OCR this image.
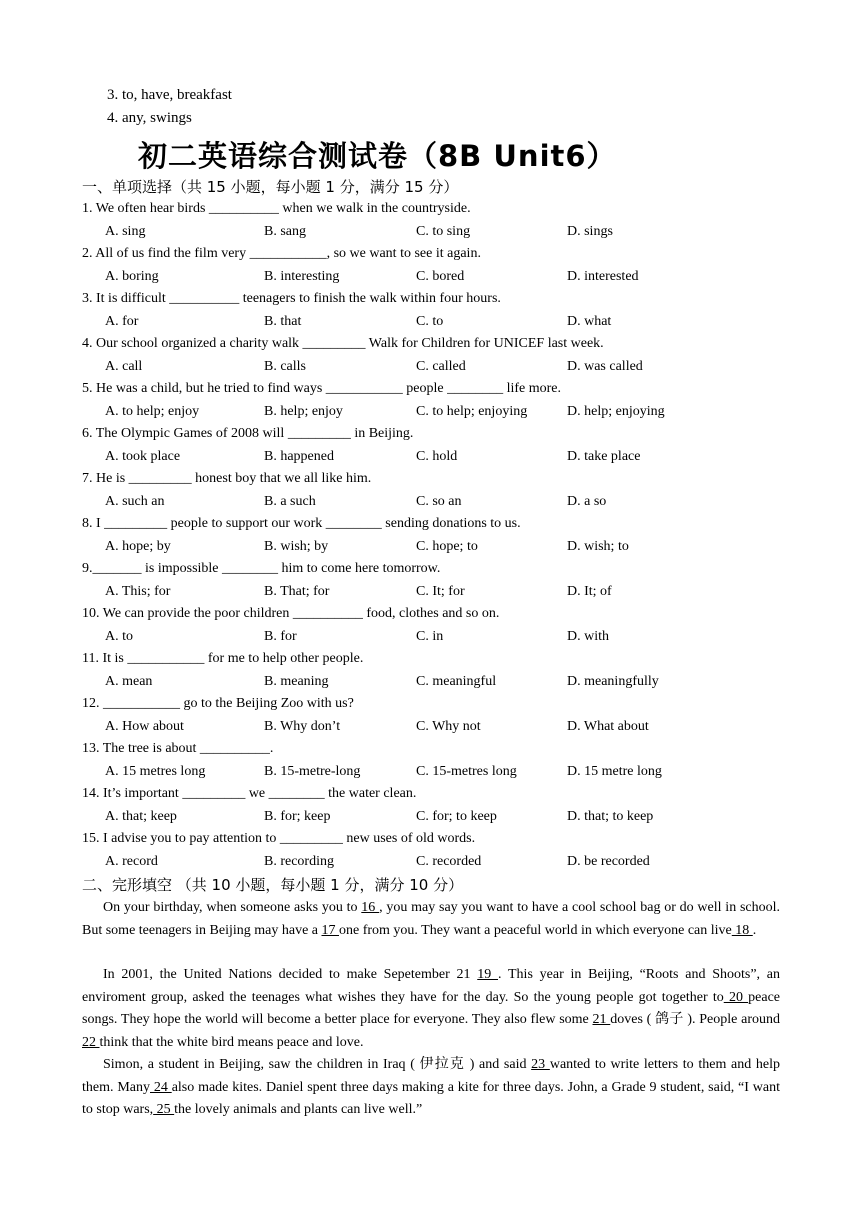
3. to, have, breakfast
4. any, swings
初二英语综合测试卷（8B Unit6）
一、单项选择（共 15 小题，每小题 1 分，满分 15 分）
1. We often hear birds __________ when we walk in the countryside.
A. sing	B. sang	C. to sing	D. sings
2. All of us find the film very ___________, so we want to see it again.
A. boring	B. interesting	C. bored	D. interested
3. It is difficult __________ teenagers to finish the walk within four hours.
A. for	B. that	C. to	D. what
4. Our school organized a charity walk _________ Walk for Children for UNICEF last week.
A. call	B. calls	C. called	D. was called
5. He was a child, but he tried to find ways ___________ people ________ life more.
A. to help; enjoy	B. help; enjoy	C. to help; enjoying	D. help; enjoying
6. The Olympic Games of 2008 will _________ in Beijing.
A. took place	B. happened	C. hold	D. take place
7. He is _________ honest boy that we all like him.
A. such an	B. a such	C. so an	D. a so
8. I _________ people to support our work ________ sending donations to us.
A. hope; by	B. wish; by	C. hope; to	D. wish; to
9._______ is impossible ________ him to come here tomorrow.
A. This; for	B. That; for	C. It; for	D. It; of
10. We can provide the poor children __________ food, clothes and so on.
A. to	B. for	C. in	D. with
11. It is ___________ for me to help other people.
A. mean	B. meaning	C. meaningful	D. meaningfully
12. ___________ go to the Beijing Zoo with us?
A. How about	B. Why don’t	C. Why not	D. What about
13. The tree is about __________.
A. 15 metres long	B. 15-metre-long	C. 15-metres long	D. 15 metre long
14. It’s important _________ we ________ the water clean.
A. that; keep	B. for; keep	C. for; to keep	D. that; to keep
15. I advise you to pay attention to _________ new uses of old words.
A. record	B. recording	C. recorded	D. be recorded
二、完形填空 （共 10 小题，每小题 1 分，满分 10 分）
On your birthday, when someone asks you to 16 , you may say you want to have a cool school bag or do well in school. But some teenagers in Beijing may have a 17 one from you. They want a peaceful world in which everyone can live 18 .
In 2001, the United Nations decided to make Sepetember 21 19 . This year in Beijing, “Roots and Shoots”, an enviroment group, asked the teenages what wishes they have for the day. So the young people got together to 20 peace songs. They hope the world will become a better place for everyone. They also flew some 21 doves ( 鸽子 ). People around 22 think that the white bird means peace and love.
Simon, a student in Beijing, saw the children in Iraq ( 伊拉克 ) and said 23 wanted to write letters to them and help them. Many 24 also made kites. Daniel spent three days making a kite for three days. John, a Grade 9 student, said, “I want to stop wars, 25 the lovely animals and plants can live well.”
